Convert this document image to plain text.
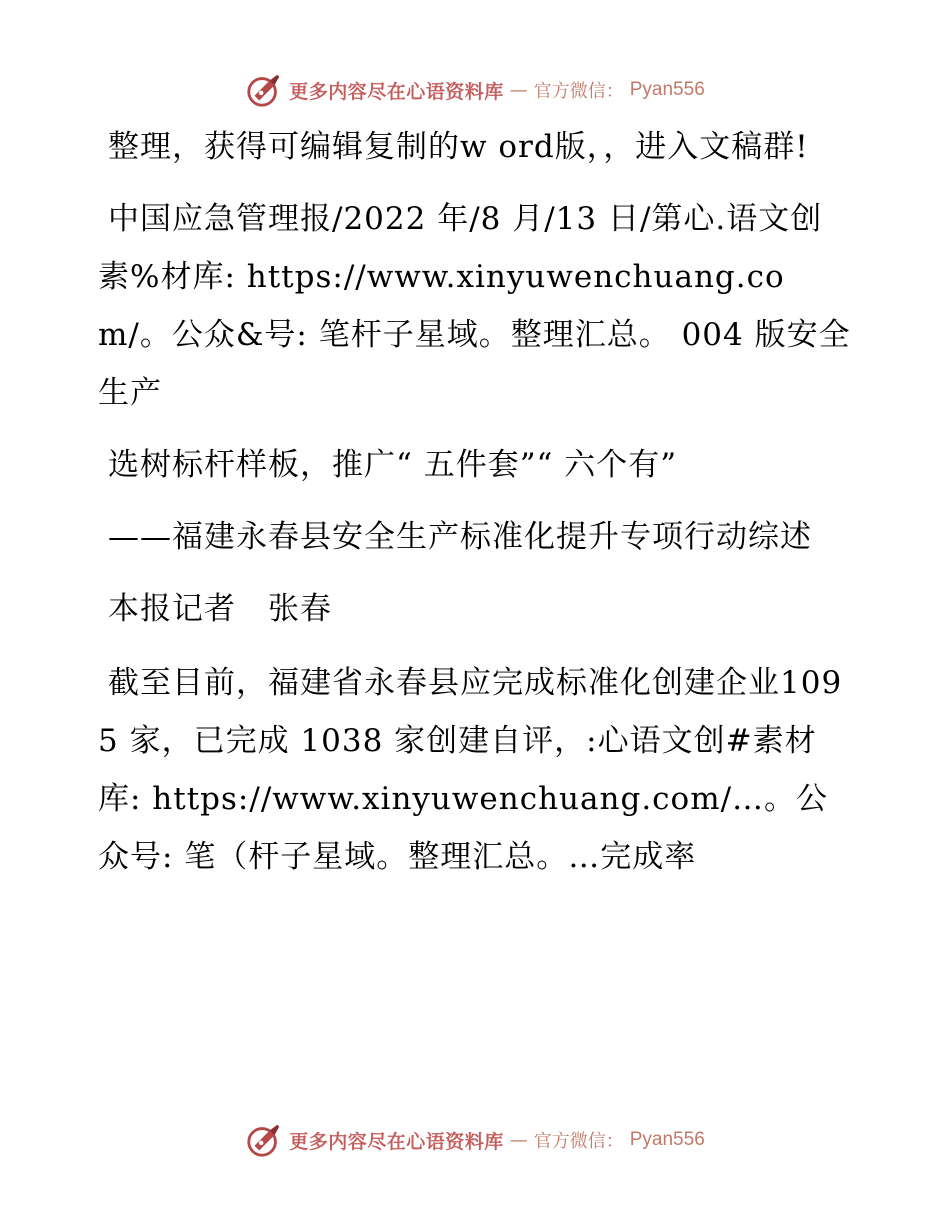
更多内容尽在心语资料库 — 官方微信： Pyan556

整理，获得可编辑复制的w ord版，，进入文稿群!

中国应急管理报/2022 年/8 月/13 日/第心.语文创素%材库: https://www.xinyuwenchuang.com/。公众&号: 笔杆子星域。整理汇总。 004 版安全生产

选树标杆样板，推广“ 五件套”“ 六个有”

——福建永春县安全生产标准化提升专项行动综述

本报记者　张春

截至目前，福建省永春县应完成标准化创建企业1095 家，已完成 1038 家创建自评，:心语文创#素材库: https://www.xinyuwenchuang.com/…。公众号: 笔（杆子星域。整理汇总。…完成率

更多内容尽在心语资料库 — 官方微信： Pyan556
